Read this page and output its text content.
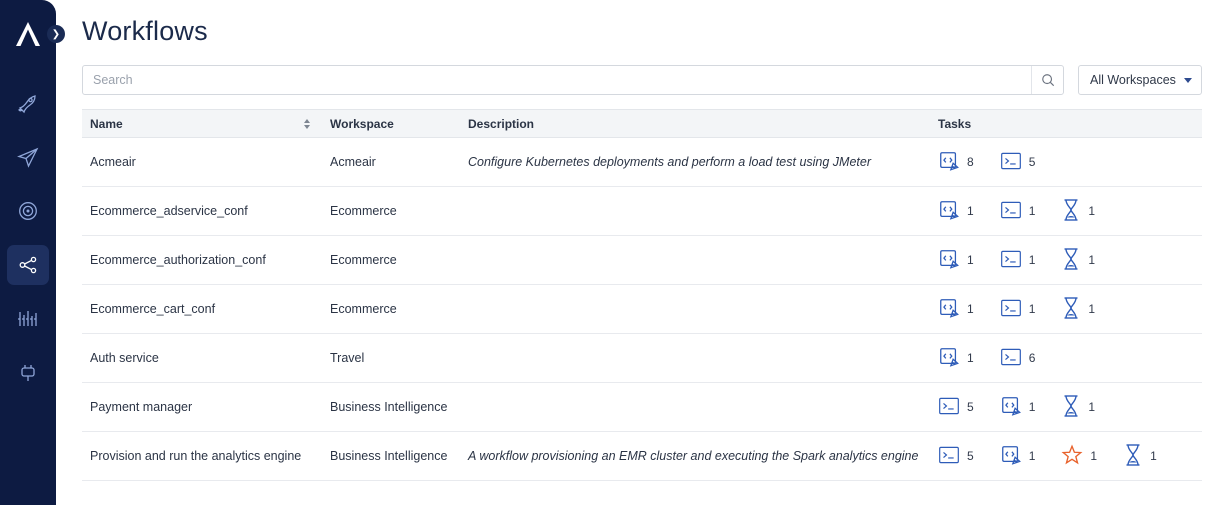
❯ Workflows
Search
All Workspaces
Name	Workspace	Description	Tasks
Acmeair	Acmeair	Configure Kubernetes deployments and perform a load test using JMeter	8 5

Ecommerce_adservice_conf	Ecommerce		1 1 1

Ecommerce_authorization_conf	Ecommerce		1 1 1

Ecommerce_cart_conf	Ecommerce		1 1 1

Auth service	Travel		1 6

Payment manager	Business Intelligence		5 1 1

Provision and run the analytics engine	Business Intelligence	A workflow provisioning an EMR cluster and executing the Spark analytics engine	5 1 1 1
